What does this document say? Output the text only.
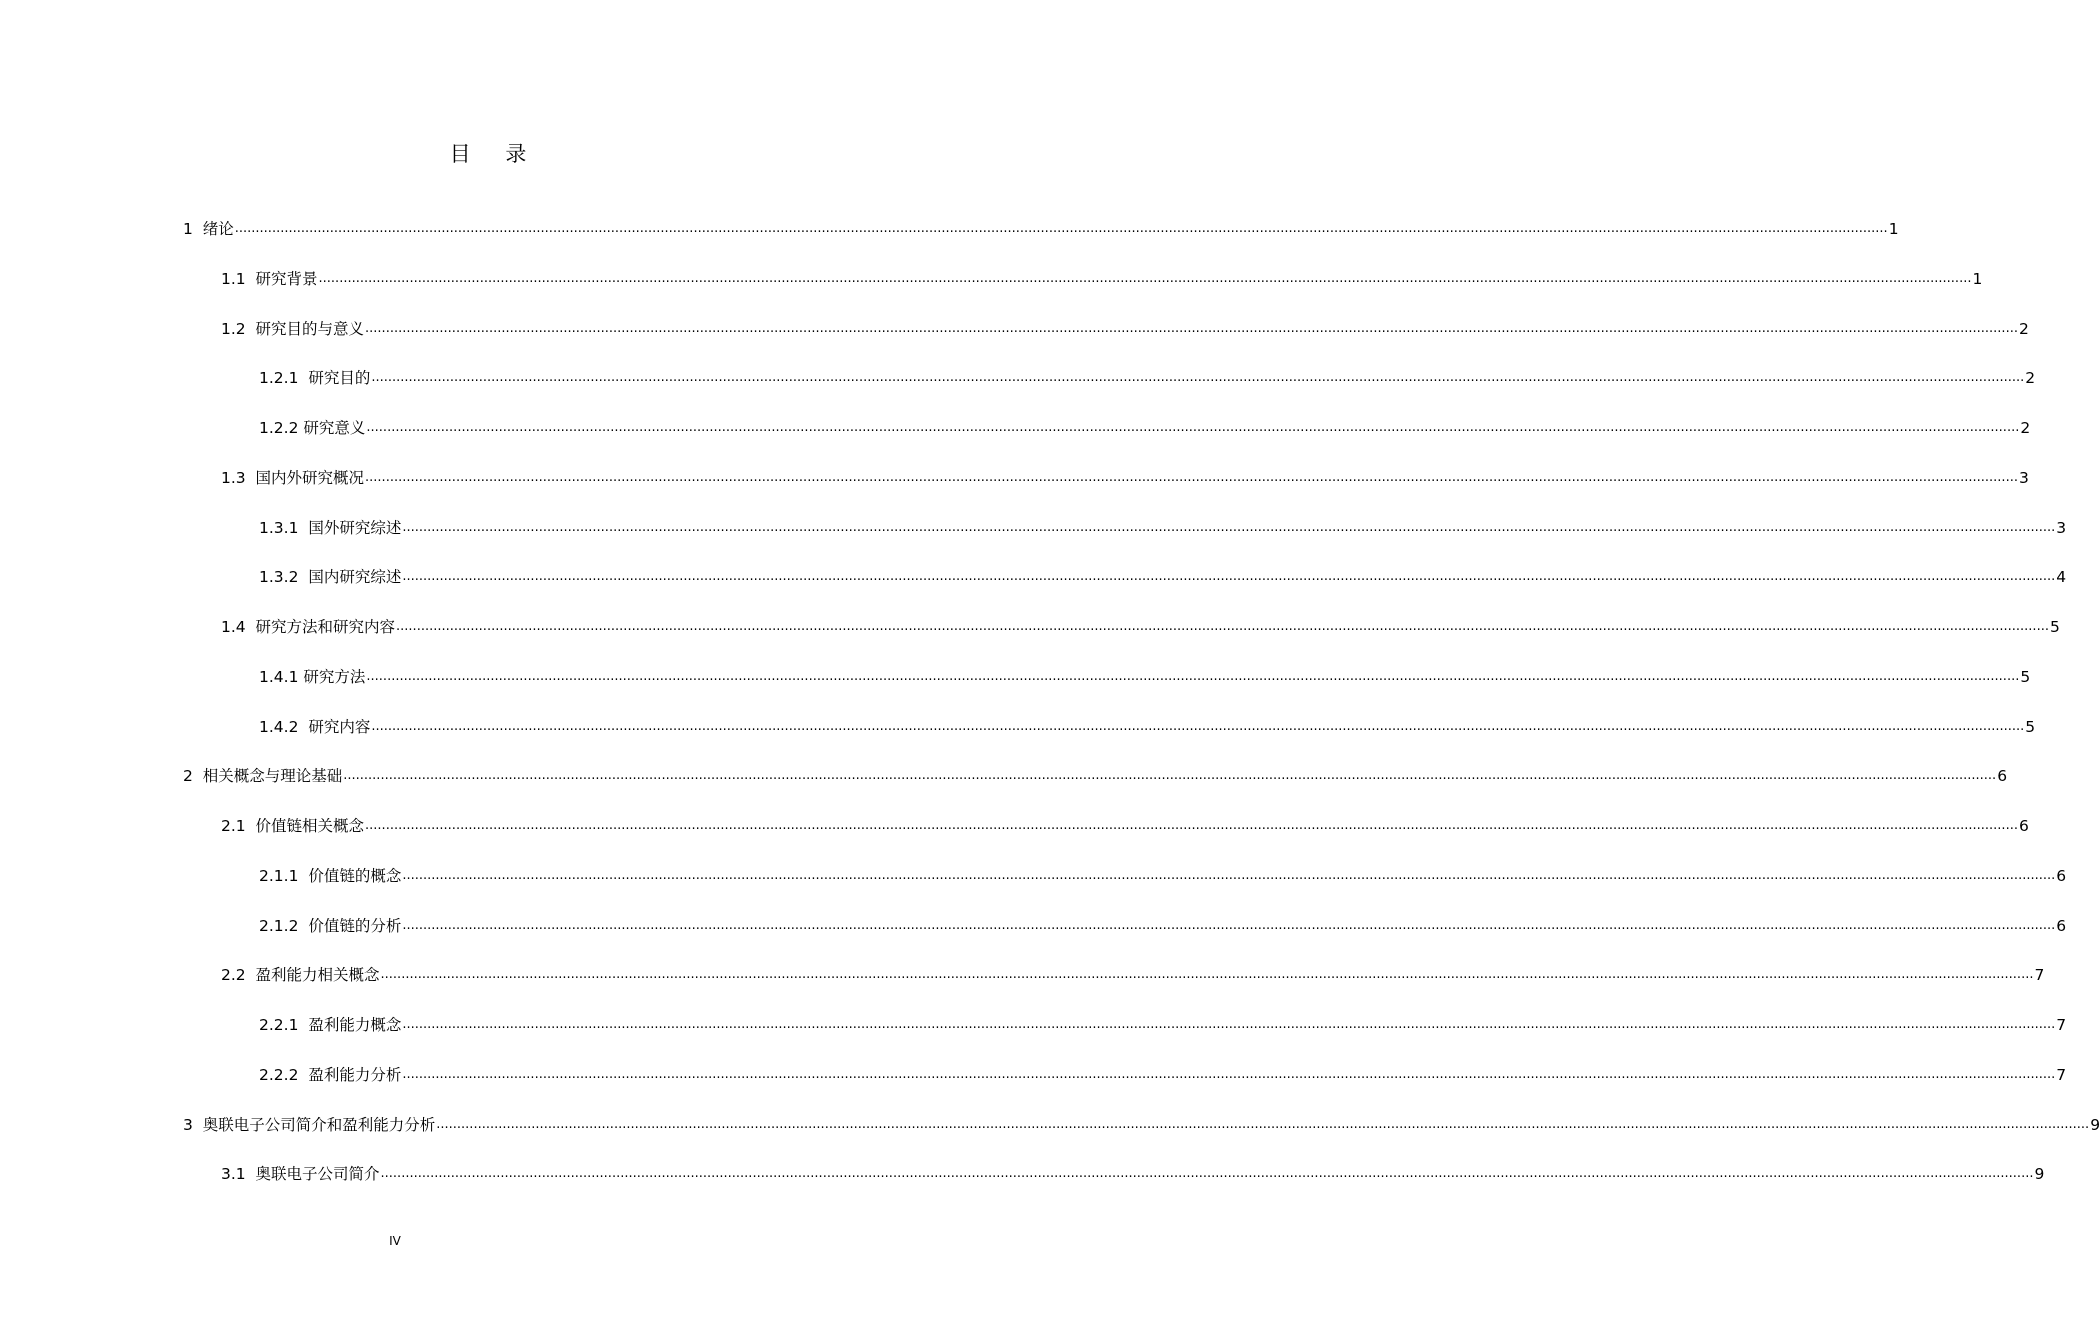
目 录
1 绪论 ................................................................................................................................................................................................................................................................................................................................................................................................................ 1
1.1 研究背景 ................................................................................................................................................................................................................................................................................................................................................................................................................ 1
1.2 研究目的与意义 ................................................................................................................................................................................................................................................................................................................................................................................................................ 2
1.2.1 研究目的 ................................................................................................................................................................................................................................................................................................................................................................................................................ 2
1.2.2 研究意义 ................................................................................................................................................................................................................................................................................................................................................................................................................ 2
1.3 国内外研究概况 ................................................................................................................................................................................................................................................................................................................................................................................................................ 3
1.3.1 国外研究综述 ................................................................................................................................................................................................................................................................................................................................................................................................................ 3
1.3.2 国内研究综述 ................................................................................................................................................................................................................................................................................................................................................................................................................ 4
1.4 研究方法和研究内容 ................................................................................................................................................................................................................................................................................................................................................................................................................ 5
1.4.1 研究方法 ................................................................................................................................................................................................................................................................................................................................................................................................................ 5
1.4.2 研究内容 ................................................................................................................................................................................................................................................................................................................................................................................................................ 5
2 相关概念与理论基础 ................................................................................................................................................................................................................................................................................................................................................................................................................ 6
2.1 价值链相关概念 ................................................................................................................................................................................................................................................................................................................................................................................................................ 6
2.1.1 价值链的概念 ................................................................................................................................................................................................................................................................................................................................................................................................................ 6
2.1.2 价值链的分析 ................................................................................................................................................................................................................................................................................................................................................................................................................ 6
2.2 盈利能力相关概念 ................................................................................................................................................................................................................................................................................................................................................................................................................ 7
2.2.1 盈利能力概念 ................................................................................................................................................................................................................................................................................................................................................................................................................ 7
2.2.2 盈利能力分析 ................................................................................................................................................................................................................................................................................................................................................................................................................ 7
3 奥联电子公司简介和盈利能力分析 ................................................................................................................................................................................................................................................................................................................................................................................................................ 9
3.1 奥联电子公司简介 ................................................................................................................................................................................................................................................................................................................................................................................................................ 9
IV
